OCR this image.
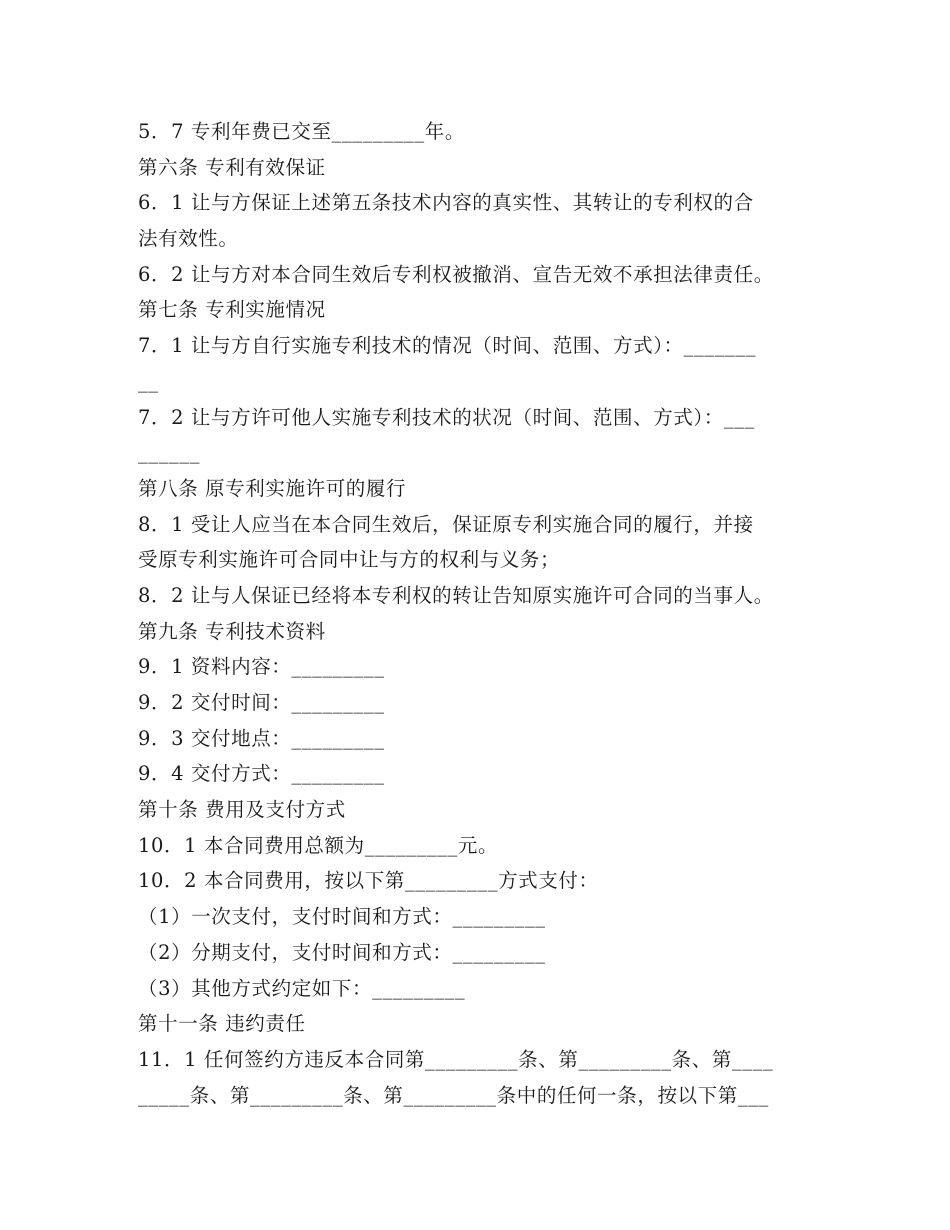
5．7 专利年费已交至_________年。
第六条 专利有效保证
6．1 让与方保证上述第五条技术内容的真实性、其转让的专利权的合
法有效性。
6．2 让与方对本合同生效后专利权被撤消、宣告无效不承担法律责任。
第七条 专利实施情况
7．1 让与方自行实施专利技术的情况（时间、范围、方式）：_______
__
7．2 让与方许可他人实施专利技术的状况（时间、范围、方式）：___
______
第八条 原专利实施许可的履行
8．1 受让人应当在本合同生效后，保证原专利实施合同的履行，并接
受原专利实施许可合同中让与方的权利与义务；
8．2 让与人保证已经将本专利权的转让告知原实施许可合同的当事人。
第九条 专利技术资料
9．1 资料内容：_________
9．2 交付时间：_________
9．3 交付地点：_________
9．4 交付方式：_________
第十条 费用及支付方式
10．1 本合同费用总额为_________元。
10．2 本合同费用，按以下第_________方式支付：
（1）一次支付，支付时间和方式：_________
（2）分期支付，支付时间和方式：_________
（3）其他方式约定如下：_________
第十一条 违约责任
11．1 任何签约方违反本合同第_________条、第_________条、第____
_____条、第_________条、第_________条中的任何一条，按以下第___
